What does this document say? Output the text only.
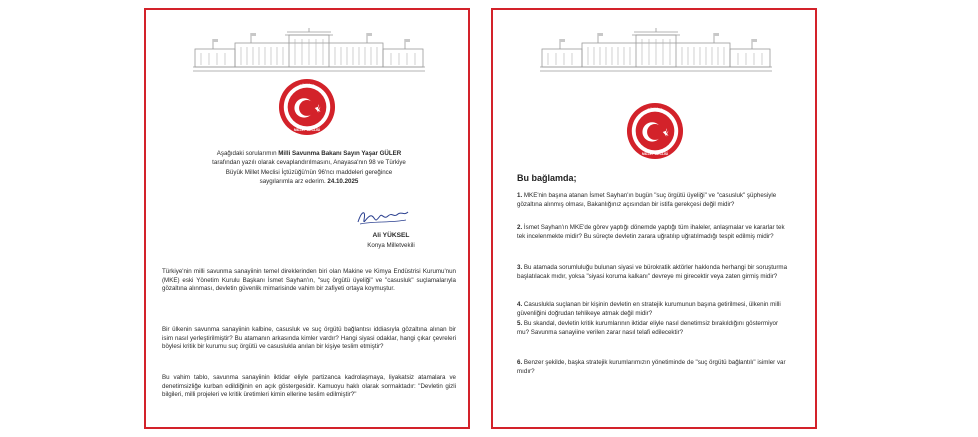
Aşağıdaki sorularımın Milli Savunma Bakanı Sayın Yaşar GÜLER
tarafından yazılı olarak cevaplandırılmasını, Anayasa'nın 98 ve Türkiye
Büyük Millet Meclisi İçtüzüğü'nün 96'ncı maddeleri gereğince
saygılarımla arz ederim. 24.10.2025
Ali YÜKSEL
Konya Milletvekili
Türkiye'nin milli savunma sanayiinin temel direklerinden biri olan Makine ve Kimya Endüstrisi Kurumu'nun (MKE) eski Yönetim Kurulu Başkanı İsmet Sayhan'ın, "suç örgütü üyeliği" ve "casusluk" suçlamalarıyla gözaltına alınması, devletin güvenlik mimarisinde vahim bir zafiyeti ortaya koymuştur.
Bir ülkenin savunma sanayiinin kalbine, casusluk ve suç örgütü bağlantısı iddiasıyla gözaltına alınan bir isim nasıl yerleştirilmiştir? Bu atamanın arkasında kimler vardır? Hangi siyasi odaklar, hangi çıkar çevreleri böylesi kritik bir kurumu suç örgütü ve casuslukla anılan bir kişiye teslim etmiştir?
Bu vahim tablo, savunma sanayiinin iktidar eliyle partizanca kadrolaşmaya, liyakatsiz atamalara ve denetimsizliğe kurban edildiğinin en açık göstergesidir. Kamuoyu haklı olarak sormaktadır: "Devletin gizli bilgileri, milli projeleri ve kritik üretimleri kimin ellerine teslim edilmiştir?"
Bu bağlamda;
1. MKE'nin başına atanan İsmet Sayhan'ın bugün "suç örgütü üyeliği" ve "casusluk" şüphesiyle gözaltına alınmış olması, Bakanlığınız açısından bir istifa gerekçesi değil midir?
2. İsmet Sayhan'ın MKE'de görev yaptığı dönemde yaptığı tüm ihaleler, anlaşmalar ve kararlar tek tek incelenmekte midir? Bu süreçte devletin zarara uğratılıp uğratılmadığı tespit edilmiş midir?
3. Bu atamada sorumluluğu bulunan siyasi ve bürokratik aktörler hakkında herhangi bir soruşturma başlatılacak mıdır, yoksa "siyasi koruma kalkanı" devreye mi girecektir veya zaten girmiş midir?
4. Casuslukla suçlanan bir kişinin devletin en stratejik kurumunun başına getirilmesi, ülkenin milli güvenliğini doğrudan tehlikeye atmak değil midir?
5. Bu skandal, devletin kritik kurumlarının iktidar eliyle nasıl denetimsiz bırakıldığını göstermiyor mu? Savunma sanayiine verilen zarar nasıl telafi edilecektir?
6. Benzer şekilde, başka stratejik kurumlarımızın yönetiminde de "suç örgütü bağlantılı" isimler var mıdır?
